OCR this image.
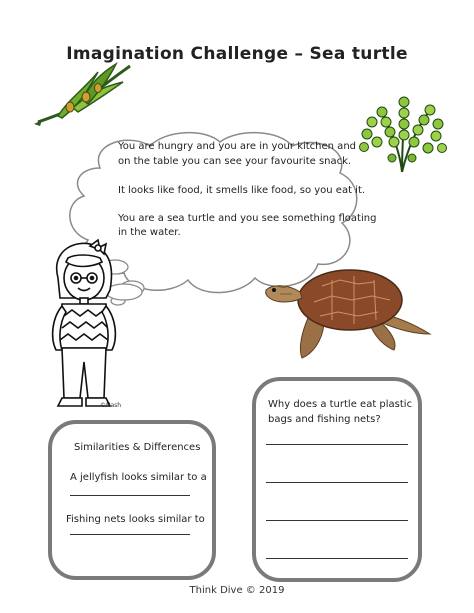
Imagination Challenge – Sea turtle
You are hungry and you are in your kitchen and
on the table you can see your favourite snack.
It looks like food, it smells like food, so you eat it.
You are a sea turtle and you see something floating
in the water.
©Nash
Similarities & Differences
A jellyfish looks similar to a
Fishing nets looks similar to
Why does a turtle eat plastic
bags and fishing nets?
Think Dive © 2019
